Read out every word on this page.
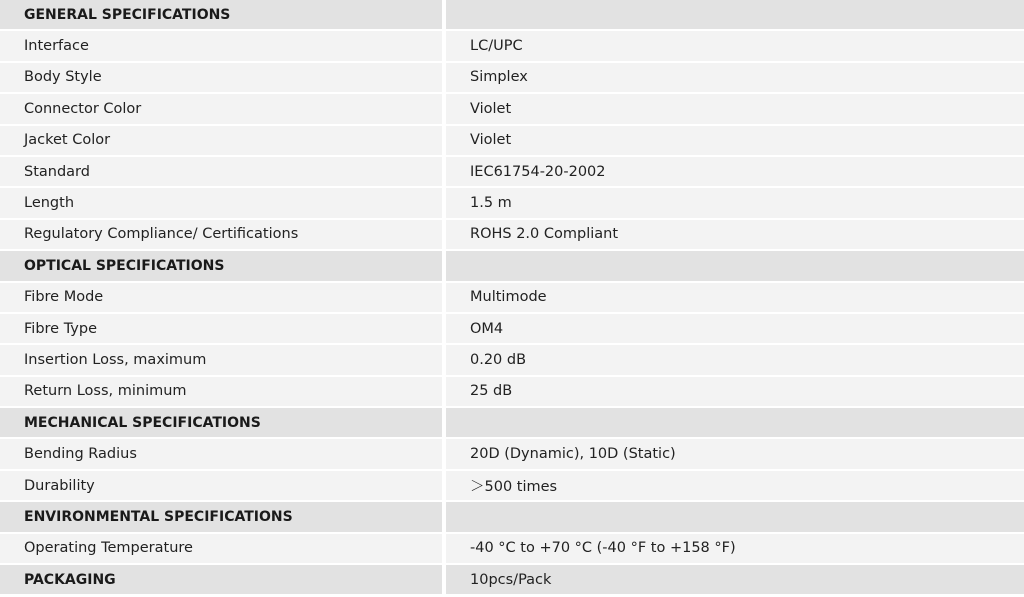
GENERAL SPECIFICATIONS
Interface	LC/UPC
Body Style	Simplex
Connector Color	Violet
Jacket Color	Violet
Standard	IEC61754-20-2002
Length	1.5 m
Regulatory Compliance/ Certifications	ROHS 2.0 Compliant
OPTICAL SPECIFICATIONS
Fibre Mode	Multimode
Fibre Type	OM4
Insertion Loss, maximum	0.20 dB
Return Loss, minimum	25 dB
MECHANICAL SPECIFICATIONS
Bending Radius	20D (Dynamic), 10D (Static)
Durability	＞500 times
ENVIRONMENTAL SPECIFICATIONS
Operating Temperature	-40 °C to +70 °C (-40 °F to +158 °F)
PACKAGING	10pcs/Pack
